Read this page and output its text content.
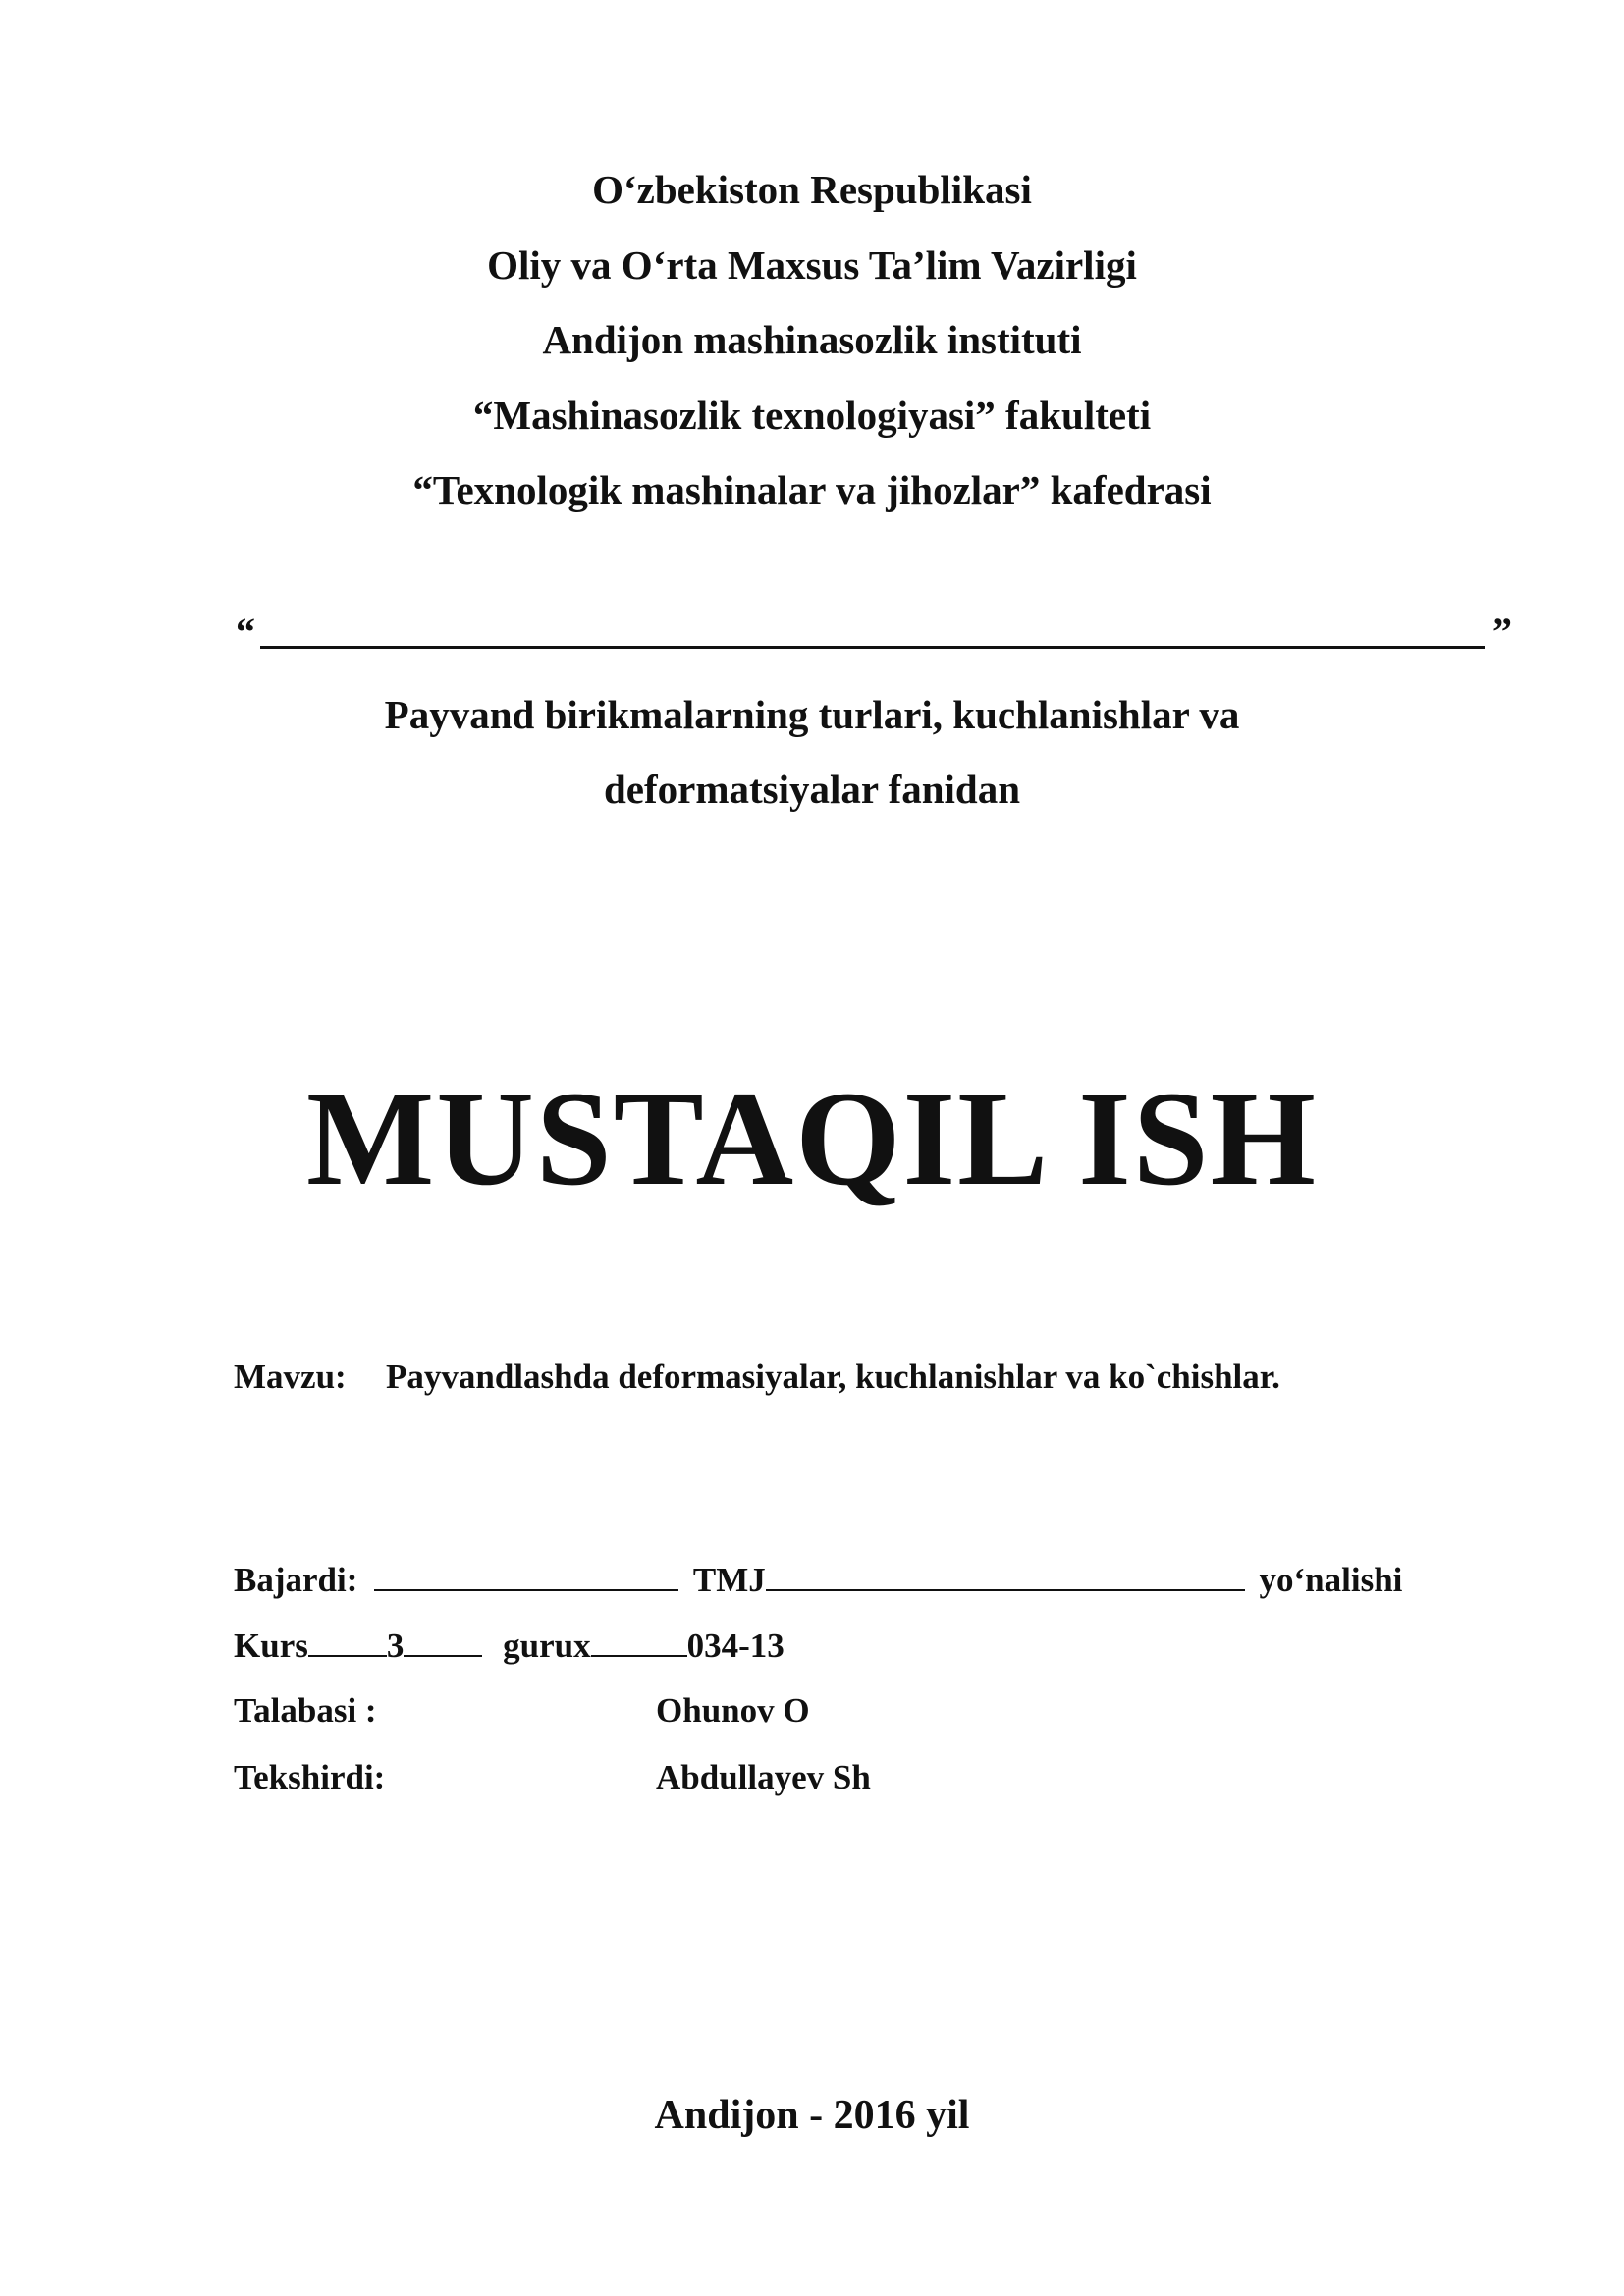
O‘zbekiston Respublikasi
Oliy va O‘rta Maxsus Ta’lim Vazirligi
Andijon mashinasozlik instituti
“Mashinasozlik texnologiyasi” fakulteti
“Texnologik mashinalar va jihozlar” kafedrasi
“	”
Payvand birikmalarning turlari, kuchlanishlar va
deformatsiyalar fanidan
MUSTAQIL ISH
Mavzu: Payvandlashda deformasiyalar, kuchlanishlar va ko`chishlar.
Bajardi:	TMJ	yo‘nalishi
Kurs 3	gurux	034-13
Talabasi :	Ohunov O
Tekshirdi:	Abdullayev Sh
Andijon - 2016 yil
